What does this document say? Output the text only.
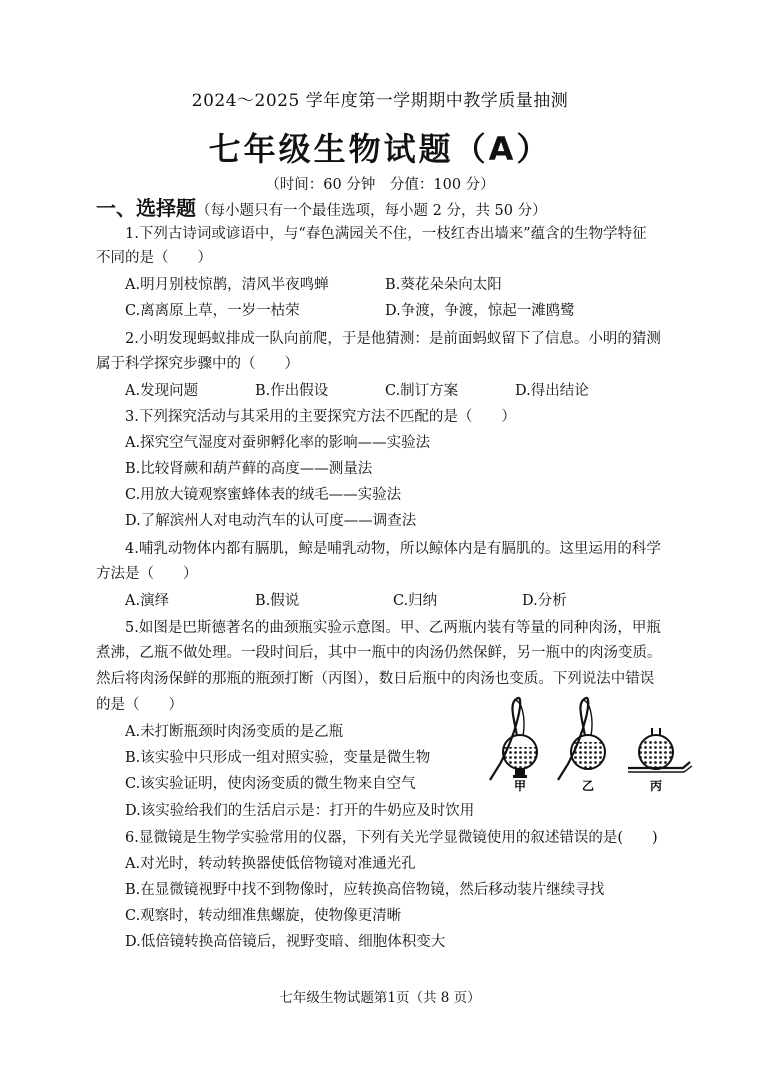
2024～2025 学年度第一学期期中教学质量抽测
七年级生物试题（A）
（时间：60 分钟　分值：100 分）
一、选择题（每小题只有一个最佳选项，每小题 2 分，共 50 分）
1.下列古诗词或谚语中，与“春色满园关不住，一枝红杏出墙来”蕴含的生物学特征
不同的是（　　）
A.明月别枝惊鹊，清风半夜鸣蝉	B.葵花朵朵向太阳
C.离离原上草，一岁一枯荣	D.争渡，争渡，惊起一滩鸥鹭
2.小明发现蚂蚁排成一队向前爬，于是他猜测：是前面蚂蚁留下了信息。小明的猜测
属于科学探究步骤中的（　　）
A.发现问题	B.作出假设	C.制订方案	D.得出结论
3.下列探究活动与其采用的主要探究方法不匹配的是（　　）
A.探究空气湿度对蚕卵孵化率的影响——实验法
B.比较肾蕨和葫芦藓的高度——测量法
C.用放大镜观察蜜蜂体表的绒毛——实验法
D.了解滨州人对电动汽车的认可度——调查法
4.哺乳动物体内都有膈肌，鲸是哺乳动物，所以鲸体内是有膈肌的。这里运用的科学
方法是（　　）
A.演绎	B.假说	C.归纳	D.分析
5.如图是巴斯德著名的曲颈瓶实验示意图。甲、乙两瓶内装有等量的同种肉汤，甲瓶
煮沸，乙瓶不做处理。一段时间后，其中一瓶中的肉汤仍然保鲜，另一瓶中的肉汤变质。
然后将肉汤保鲜的那瓶的瓶颈打断（丙图），数日后瓶中的肉汤也变质。下列说法中错误
的是（　　）
A.未打断瓶颈时肉汤变质的是乙瓶
B.该实验中只形成一组对照实验，变量是微生物
C.该实验证明，使肉汤变质的微生物来自空气
D.该实验给我们的生活启示是：打开的牛奶应及时饮用
甲	乙	丙
6.显微镜是生物学实验常用的仪器，下列有关光学显微镜使用的叙述错误的是(　　)
A.对光时，转动转换器使低倍物镜对准通光孔
B.在显微镜视野中找不到物像时，应转换高倍物镜，然后移动装片继续寻找
C.观察时，转动细准焦螺旋，使物像更清晰
D.低倍镜转换高倍镜后，视野变暗、细胞体积变大
七年级生物试题第1页（共 8 页）
